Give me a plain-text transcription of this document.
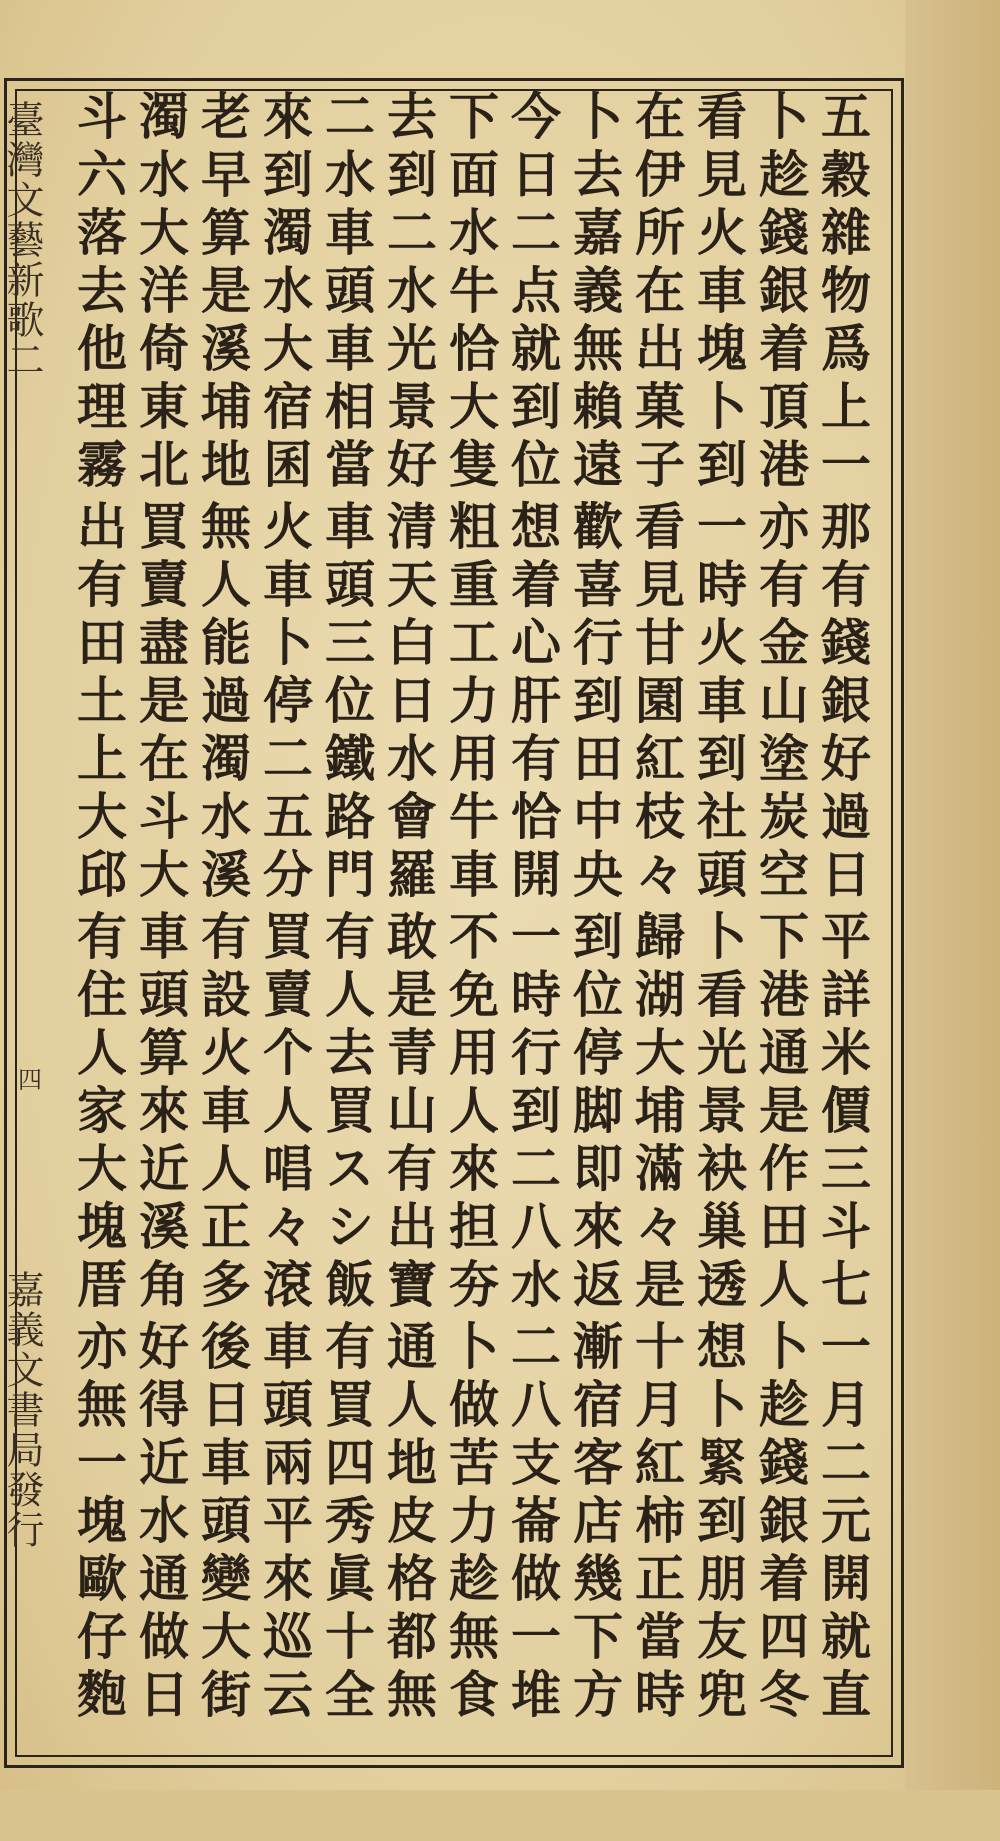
臺灣文藝新歌二
四
嘉義文書局發行
五穀雜物爲上一
那有錢銀好過日
平詳米價三斗七
一月二元開就直
卜趁錢銀着頂港
亦有金山塗炭空
下港通是作田人
卜趁錢銀着四冬
看見火車塊卜到
一時火車到社頭
卜看光景袂巢透
想卜緊到朋友兜
在伊所在出菓子
看見甘園紅枝々
歸湖大埔滿々是
十月紅柿正當時
卜去嘉義無賴遠
歡喜行到田中央
到位停脚即來返
漸宿客店幾下方
今日二点就到位
想着心肝有恰開
一時行到二八水
二八支崙做一堆
下面水牛恰大隻
粗重工力用牛車
不免用人來担夯
卜做苦力趁無食
去到二水光景好
清天白日水會羅
敢是青山有出寶
通人地皮格都無
二水車頭車相當
車頭三位鐵路門
有人去買スシ飯
有買四秀眞十全
來到濁水大宿囷
火車卜停二五分
買賣个人唱々滾
車頭兩平來巡云
老早算是溪埔地
無人能過濁水溪
有設火車人正多
後日車頭變大街
濁水大洋倚東北
買賣盡是在斗大
車頭算來近溪角
好得近水通做日
斗六落去他理霧
出有田土上大邱
有住人家大塊厝
亦無一塊歐仔麭
